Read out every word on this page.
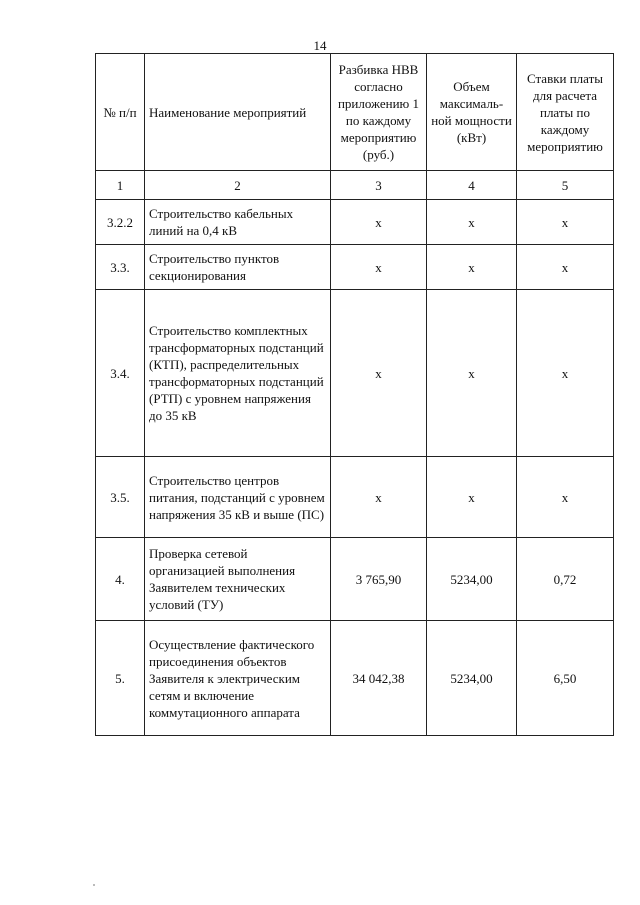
14
№ п/п	Наименование мероприятий	Разбивка НВВ согласно приложению 1 по каждому мероприятию (руб.)	Объем максималь-ной мощности (кВт)	Ставки платы для расчета платы по каждому мероприятию
1	2	3	4	5
3.2.2	Строительство кабельных линий на 0,4 кВ	x	x	x
3.3.	Строительство пунктов секционирования	x	x	x
3.4.	Строительство комплектных трансформаторных подстанций (КТП), распределительных трансформаторных подстанций (РТП) с уровнем напряжения до 35 кВ	x	x	x
3.5.	Строительство центров питания, подстанций с уровнем напряжения 35 кВ и выше (ПС)	x	x	x
4.	Проверка сетевой организацией выполнения Заявителем технических условий (ТУ)	3 765,90	5234,00	0,72
5.	Осуществление фактического присоединения объектов Заявителя к электрическим сетям и включение коммутационного аппарата	34 042,38	5234,00	6,50
